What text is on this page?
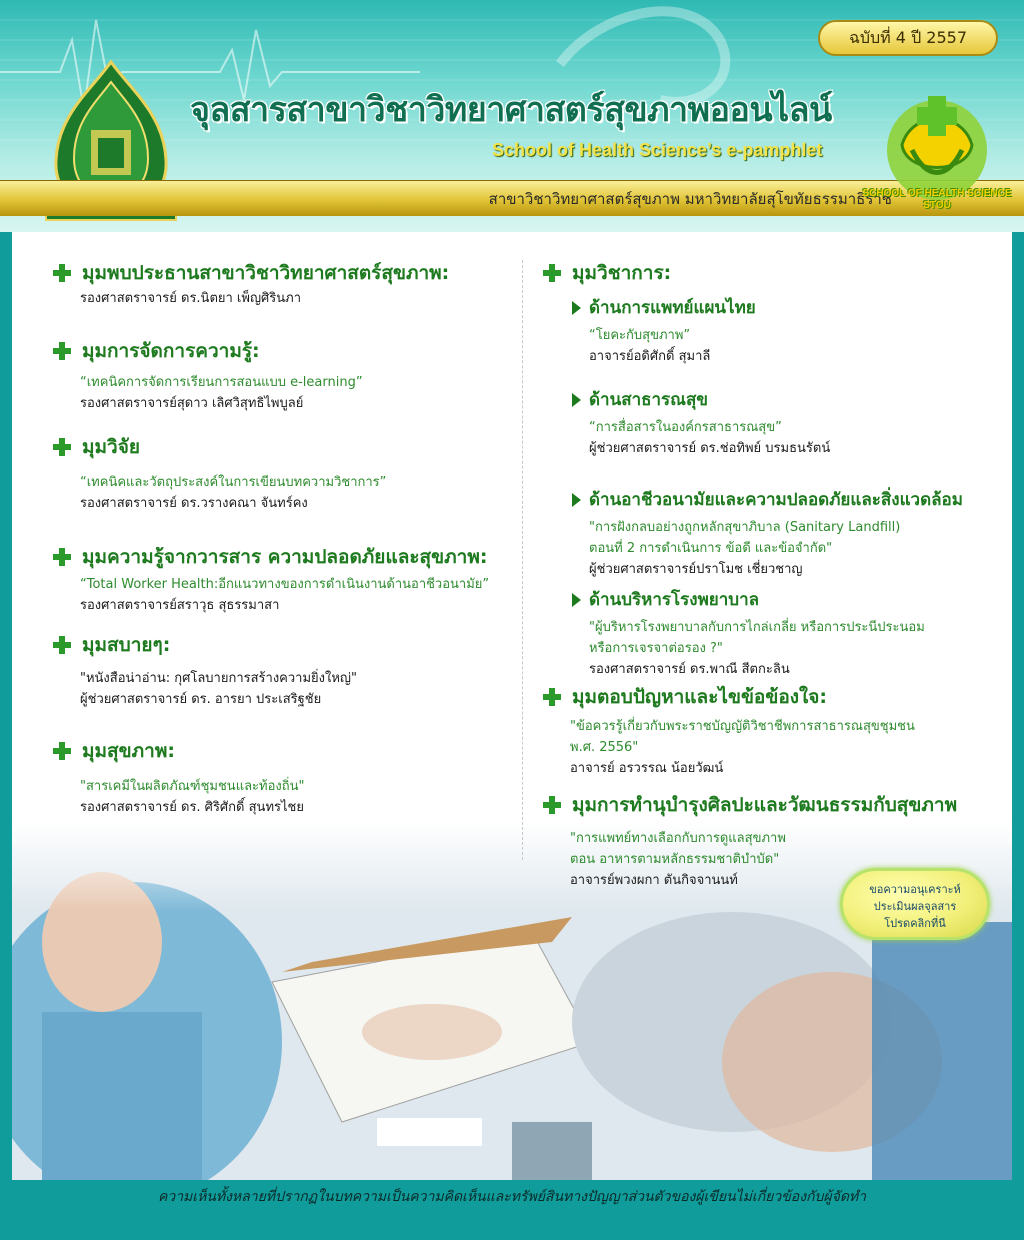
ฉบับที่ 4 ปี 2557
จุลสารสาขาวิชาวิทยาศาสตร์สุขภาพออนไลน์
School of Health Science’s e-pamphlet
สาขาวิชาวิทยาศาสตร์สุขภาพ มหาวิทยาลัยสุโขทัยธรรมาธิราช
SCHOOL OF HEALTH SCIENCE STOU
มุมพบประธานสาขาวิชาวิทยาศาสตร์สุขภาพ:
รองศาสตราจารย์ ดร.นิตยา เพ็ญศิรินภา
มุมการจัดการความรู้:
“เทคนิคการจัดการเรียนการสอนแบบ e-learning”
รองศาสตราจารย์สุดาว เลิศวิสุทธิไพบูลย์
มุมวิจัย
“เทคนิคและวัตถุประสงค์ในการเขียนบทความวิชาการ”
รองศาสตราจารย์ ดร.วรางคณา จันทร์คง
มุมความรู้จากวารสาร ความปลอดภัยและสุขภาพ:
“Total Worker Health:อีกแนวทางของการดำเนินงานด้านอาชีวอนามัย”
รองศาสตราจารย์สราวุธ สุธรรมาสา
มุมสบายๆ:
"หนังสือน่าอ่าน: กุศโลบายการสร้างความยิ่งใหญ่"
ผู้ช่วยศาสตราจารย์ ดร. อารยา ประเสริฐชัย
มุมสุขภาพ:
"สารเคมีในผลิตภัณฑ์ชุมชนและท้องถิ่น"
รองศาสตราจารย์ ดร. ศิริศักดิ์ สุนทรไชย
มุมวิชาการ:
ด้านการแพทย์แผนไทย
“โยคะกับสุขภาพ”
อาจารย์อดิศักดิ์ สุมาลี
ด้านสาธารณสุข
“การสื่อสารในองค์กรสาธารณสุข”
ผู้ช่วยศาสตราจารย์ ดร.ช่อทิพย์ บรมธนรัตน์
ด้านอาชีวอนามัยและความปลอดภัยและสิ่งแวดล้อม
"การฝังกลบอย่างถูกหลักสุขาภิบาล (Sanitary Landfill)
ตอนที่ 2 การดำเนินการ ข้อดี และข้อจำกัด"
ผู้ช่วยศาสตราจารย์ปราโมช เชี่ยวชาญ
ด้านบริหารโรงพยาบาล
"ผู้บริหารโรงพยาบาลกับการไกล่เกลี่ย หรือการประนีประนอม
หรือการเจรจาต่อรอง ?"
รองศาสตราจารย์ ดร.พาณี สีตกะลิน
มุมตอบปัญหาและไขข้อข้องใจ:
"ข้อควรรู้เกี่ยวกับพระราชบัญญัติวิชาชีพการสาธารณสุขชุมชน
พ.ศ. 2556"
อาจารย์ อรวรรณ น้อยวัฒน์
มุมการทำนุบำรุงศิลปะและวัฒนธรรมกับสุขภาพ
"การแพทย์ทางเลือกกับการดูแลสุขภาพ
ตอน อาหารตามหลักธรรมชาติบำบัด"
อาจารย์พวงผกา ตันกิจจานนท์
ขอความอนุเคราะห์
ประเมินผลจุลสาร
โปรดคลิกที่นี
ความเห็นทั้งหลายที่ปรากฏในบทความเป็นความคิดเห็นและทรัพย์สินทางปัญญาส่วนตัวของผู้เขียนไม่เกี่ยวข้องกับผู้จัดทำ
